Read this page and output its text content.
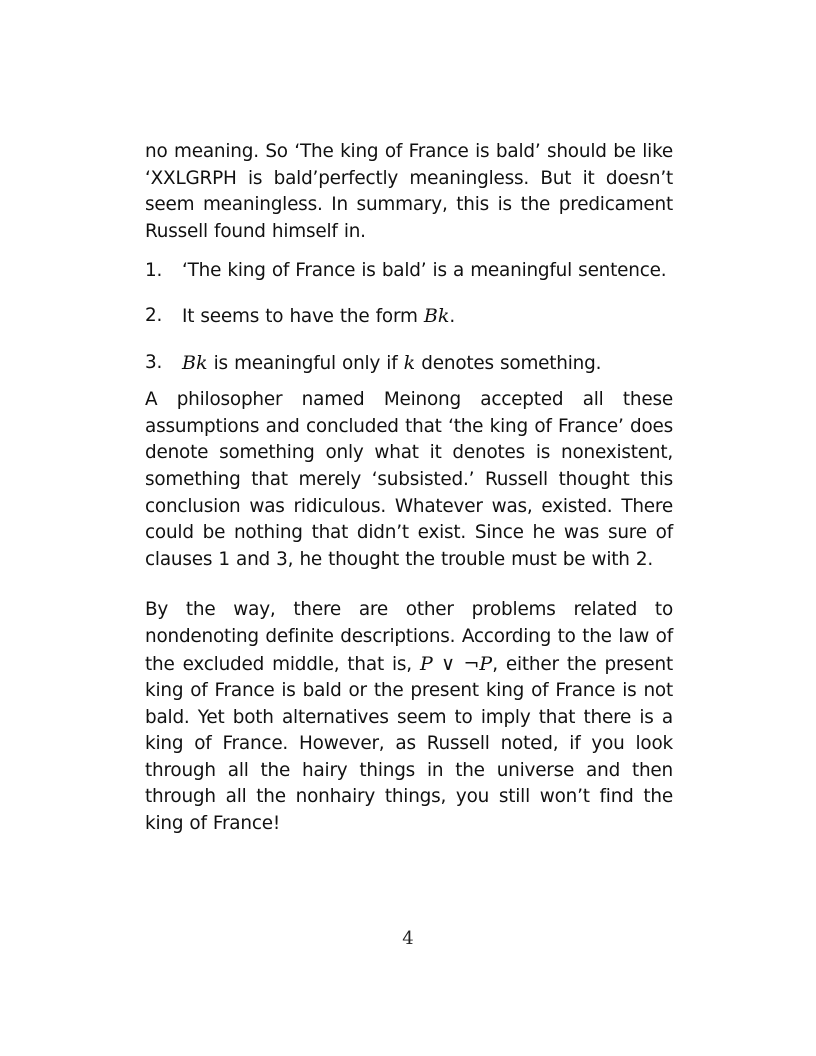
no meaning. So ‘The king of France is bald’ should be like ‘XXLGRPH is bald’perfectly meaningless. But it doesn’t seem meaningless. In summary, this is the predicament Russell found himself in.

1.	‘The king of France is bald’ is a meaningful sentence.
2.	It seems to have the form Bk.
3.	Bk is meaningful only if k denotes something.

A philosopher named Meinong accepted all these assumptions and concluded that ‘the king of France’ does denote something only what it denotes is nonexistent, something that merely ‘subsisted.’ Russell thought this conclusion was ridiculous. Whatever was, existed. There could be nothing that didn’t exist. Since he was sure of clauses 1 and 3, he thought the trouble must be with 2.

By the way, there are other problems related to nondenoting definite descriptions. According to the law of the excluded middle, that is, P ∨ ¬P, either the present king of France is bald or the present king of France is not bald. Yet both alternatives seem to imply that there is a king of France. However, as Russell noted, if you look through all the hairy things in the universe and then through all the nonhairy things, you still won’t find the king of France!

4
